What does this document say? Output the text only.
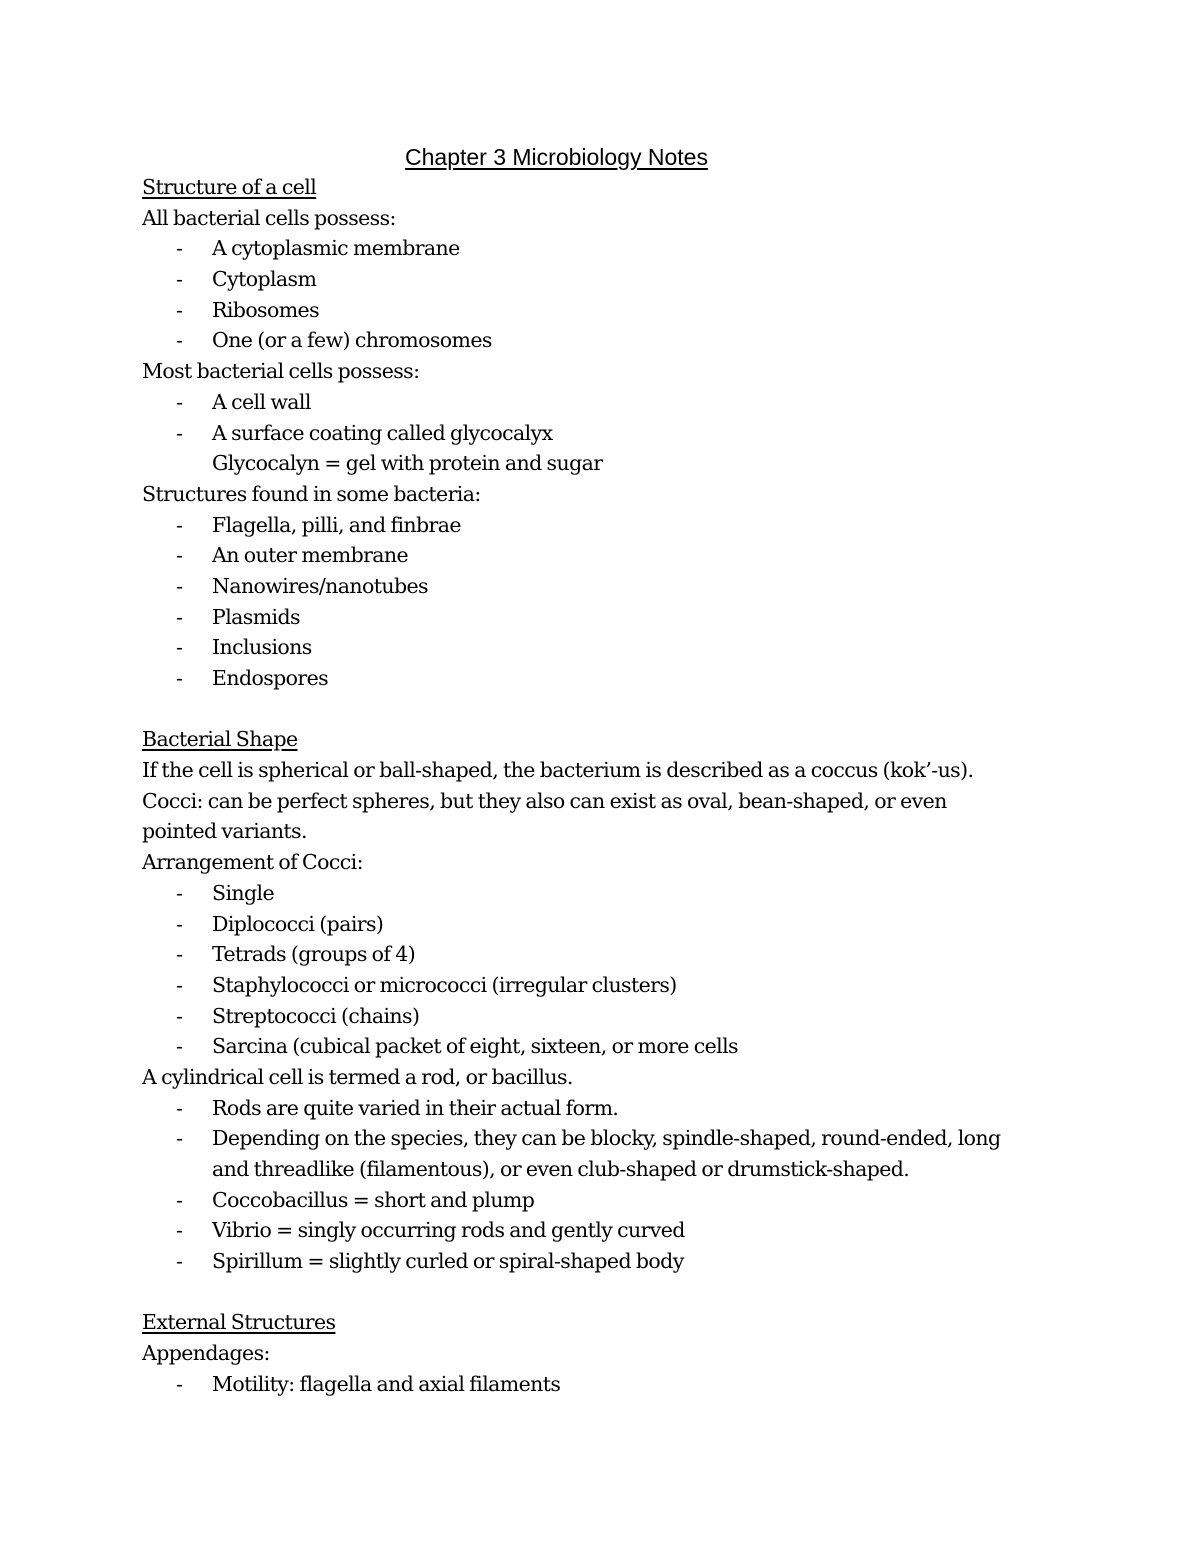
Chapter 3 Microbiology Notes
Structure of a cell
All bacterial cells possess:
- A cytoplasmic membrane
- Cytoplasm
- Ribosomes
- One (or a few) chromosomes
Most bacterial cells possess:
- A cell wall
- A surface coating called glycocalyx
Glycocalyn = gel with protein and sugar
Structures found in some bacteria:
- Flagella, pilli, and finbrae
- An outer membrane
- Nanowires/nanotubes
- Plasmids
- Inclusions
- Endospores
Bacterial Shape
If the cell is spherical or ball-shaped, the bacterium is described as a coccus (kok’-us).
Cocci: can be perfect spheres, but they also can exist as oval, bean-shaped, or even
pointed variants.
Arrangement of Cocci:
- Single
- Diplococci (pairs)
- Tetrads (groups of 4)
- Staphylococci or micrococci (irregular clusters)
- Streptococci (chains)
- Sarcina (cubical packet of eight, sixteen, or more cells
A cylindrical cell is termed a rod, or bacillus.
- Rods are quite varied in their actual form.
- Depending on the species, they can be blocky, spindle-shaped, round-ended, long
and threadlike (filamentous), or even club-shaped or drumstick-shaped.
- Coccobacillus = short and plump
- Vibrio = singly occurring rods and gently curved
- Spirillum = slightly curled or spiral-shaped body
External Structures
Appendages:
- Motility: flagella and axial filaments
